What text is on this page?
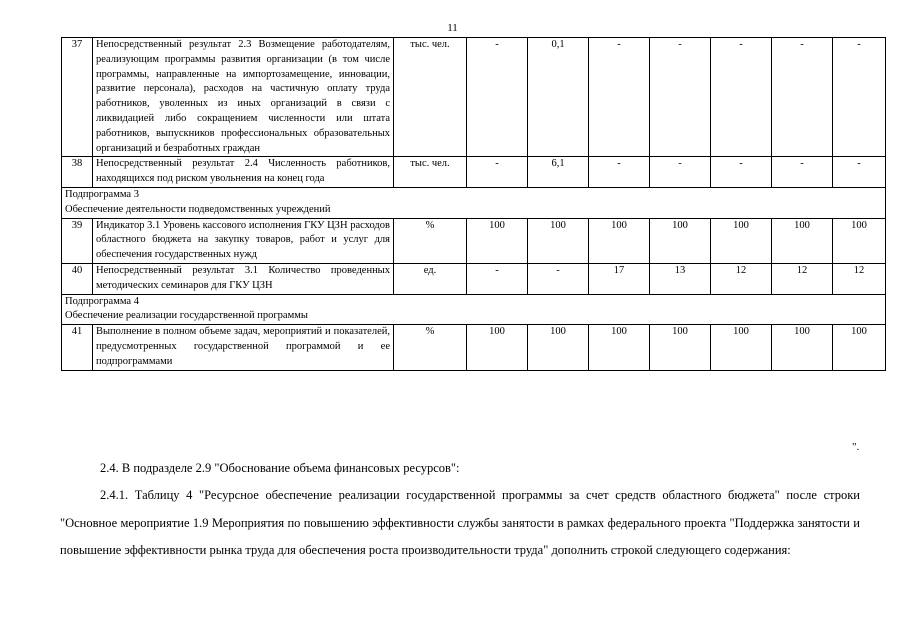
11
37	Непосредственный результат 2.3 Возмещение работодателям, реализующим программы развития организации (в том числе программы, направленные на импортозамещение, инновации, развитие персонала), расходов на частичную оплату труда работников, уволенных из иных организаций в связи с ликвидацией либо сокращением численности или штата работников, выпускников профессиональных образовательных организаций и безработных граждан	тыс. чел.	-	0,1	-	-	-	-	-
38	Непосредственный результат 2.4 Численность работников, находящихся под риском увольнения на конец года	тыс. чел.	-	6,1	-	-	-	-	-

Подпрограмма 3
Обеспечение деятельности подведомственных учреждений									

39	Индикатор 3.1 Уровень кассового исполнения ГКУ ЦЗН расходов областного бюджета на закупку товаров, работ и услуг для обеспечения государственных нужд	%	100	100	100	100	100	100	100
40	Непосредственный результат 3.1 Количество проведенных методических семинаров для ГКУ ЦЗН	ед.	-	-	17	13	12	12	12

Подпрограмма 4
Обеспечение реализации государственной программы									

41	Выполнение в полном объеме задач, мероприятий и показателей, предусмотренных государственной программой и ее подпрограммами	%	100	100	100	100	100	100	100
".
2.4. В подразделе 2.9 "Обоснование объема финансовых ресурсов":
2.4.1. Таблицу 4 "Ресурсное обеспечение реализации государственной программы за счет средств областного бюджета" после строки "Основное мероприятие 1.9 Мероприятия по повышению эффективности службы занятости в рамках федерального проекта "Поддержка занятости и повышение эффективности рынка труда для обеспечения роста производительности труда" дополнить строкой следующего содержания:
